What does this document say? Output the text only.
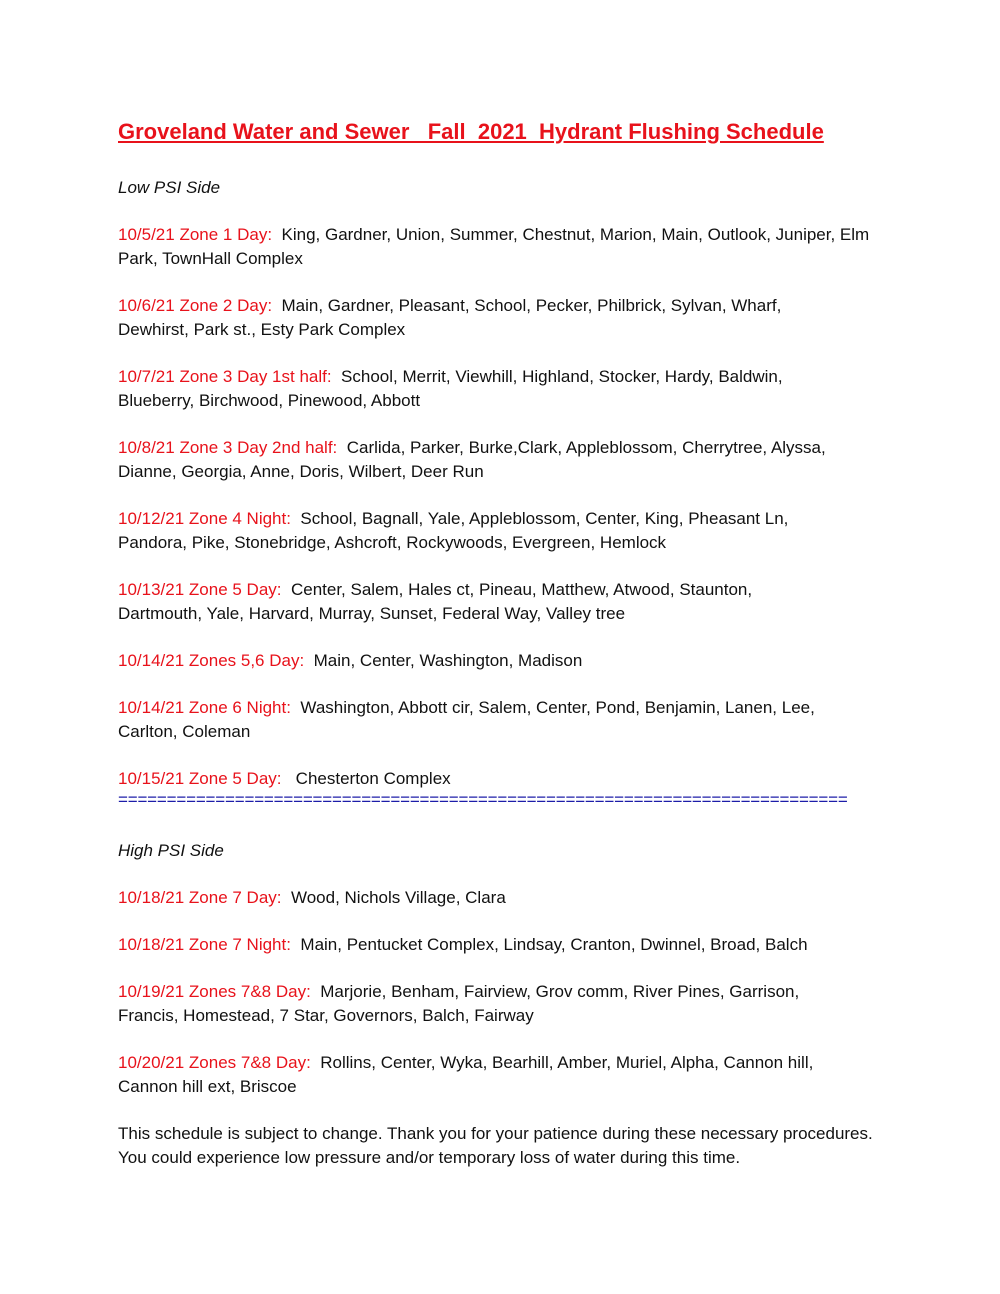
Groveland Water and Sewer   Fall  2021  Hydrant Flushing Schedule

Low PSI Side

10/5/21 Zone 1 Day:  King, Gardner, Union, Summer, Chestnut, Marion, Main, Outlook, Juniper, Elm Park, TownHall Complex

10/6/21 Zone 2 Day:  Main, Gardner, Pleasant, School, Pecker, Philbrick, Sylvan, Wharf, Dewhirst, Park st., Esty Park Complex

10/7/21 Zone 3 Day 1st half:  School, Merrit, Viewhill, Highland, Stocker, Hardy, Baldwin, Blueberry, Birchwood, Pinewood, Abbott

10/8/21 Zone 3 Day 2nd half:  Carlida, Parker, Burke,Clark, Appleblossom, Cherrytree, Alyssa, Dianne, Georgia, Anne, Doris, Wilbert, Deer Run

10/12/21 Zone 4 Night:  School, Bagnall, Yale, Appleblossom, Center, King, Pheasant Ln, Pandora, Pike, Stonebridge, Ashcroft, Rockywoods, Evergreen, Hemlock

10/13/21 Zone 5 Day:  Center, Salem, Hales ct, Pineau, Matthew, Atwood, Staunton, Dartmouth, Yale, Harvard, Murray, Sunset, Federal Way, Valley tree

10/14/21 Zones 5,6 Day:  Main, Center, Washington, Madison

10/14/21 Zone 6 Night:  Washington, Abbott cir, Salem, Center, Pond, Benjamin, Lanen, Lee, Carlton, Coleman

10/15/21 Zone 5 Day:   Chesterton Complex

===========================================================================

High PSI Side

10/18/21 Zone 7 Day:  Wood, Nichols Village, Clara

10/18/21 Zone 7 Night:  Main, Pentucket Complex, Lindsay, Cranton, Dwinnel, Broad, Balch

10/19/21 Zones 7&8 Day:  Marjorie, Benham, Fairview, Grov comm, River Pines, Garrison, Francis, Homestead, 7 Star, Governors, Balch, Fairway

10/20/21 Zones 7&8 Day:  Rollins, Center, Wyka, Bearhill, Amber, Muriel, Alpha, Cannon hill, Cannon hill ext, Briscoe

This schedule is subject to change. Thank you for your patience during these necessary procedures. You could experience low pressure and/or temporary loss of water during this time.
